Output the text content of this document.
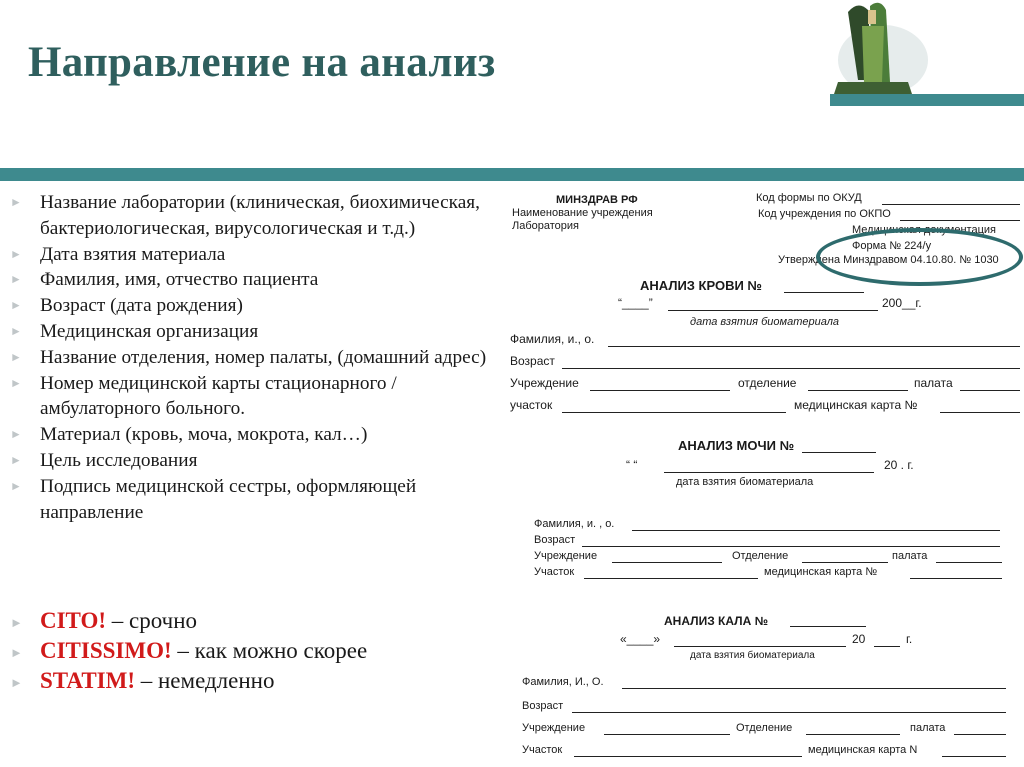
Направление на анализ
► Название лаборатории (клиническая, биохимическая, бактериологическая, вирусологическая и т.д.)
► Дата взятия материала
► Фамилия, имя, отчество пациента
► Возраст (дата рождения)
► Медицинская организация
► Название отделения, номер палаты, (домашний адрес)
► Номер медицинской карты стационарного / амбулаторного больного.
► Материал (кровь, моча, мокрота, кал…)
► Цель исследования
► Подпись медицинской сестры, оформляющей направление
► CITO! – срочно
► CITISSIMO! – как можно скорее
► STATIM! – немедленно
МИНЗДРАВ РФ
Наименование учреждения
Лаборатория
Код формы по ОКУД
Код учреждения по ОКПО
Медицинская документация
Форма № 224/у
Утверждена Минздравом 04.10.80. № 1030
АНАЛИЗ КРОВИ №
“____”	200__г.
дата взятия биоматериала
Фамилия, и., о.
Возраст
Учреждение	отделение	палата
участок	медицинская карта №
АНАЛИЗ МОЧИ №
“ “	20 . г.
дата взятия биоматериала
Фамилия, и. , о.
Возраст
Учреждение	Отделение	палата
Участок	медицинская карта №
АНАЛИЗ КАЛА №
«____»	20	г.
дата взятия биоматериала
Фамилия, И., О.
Возраст
Учреждение	Отделение	палата
Участок	медицинская карта N
